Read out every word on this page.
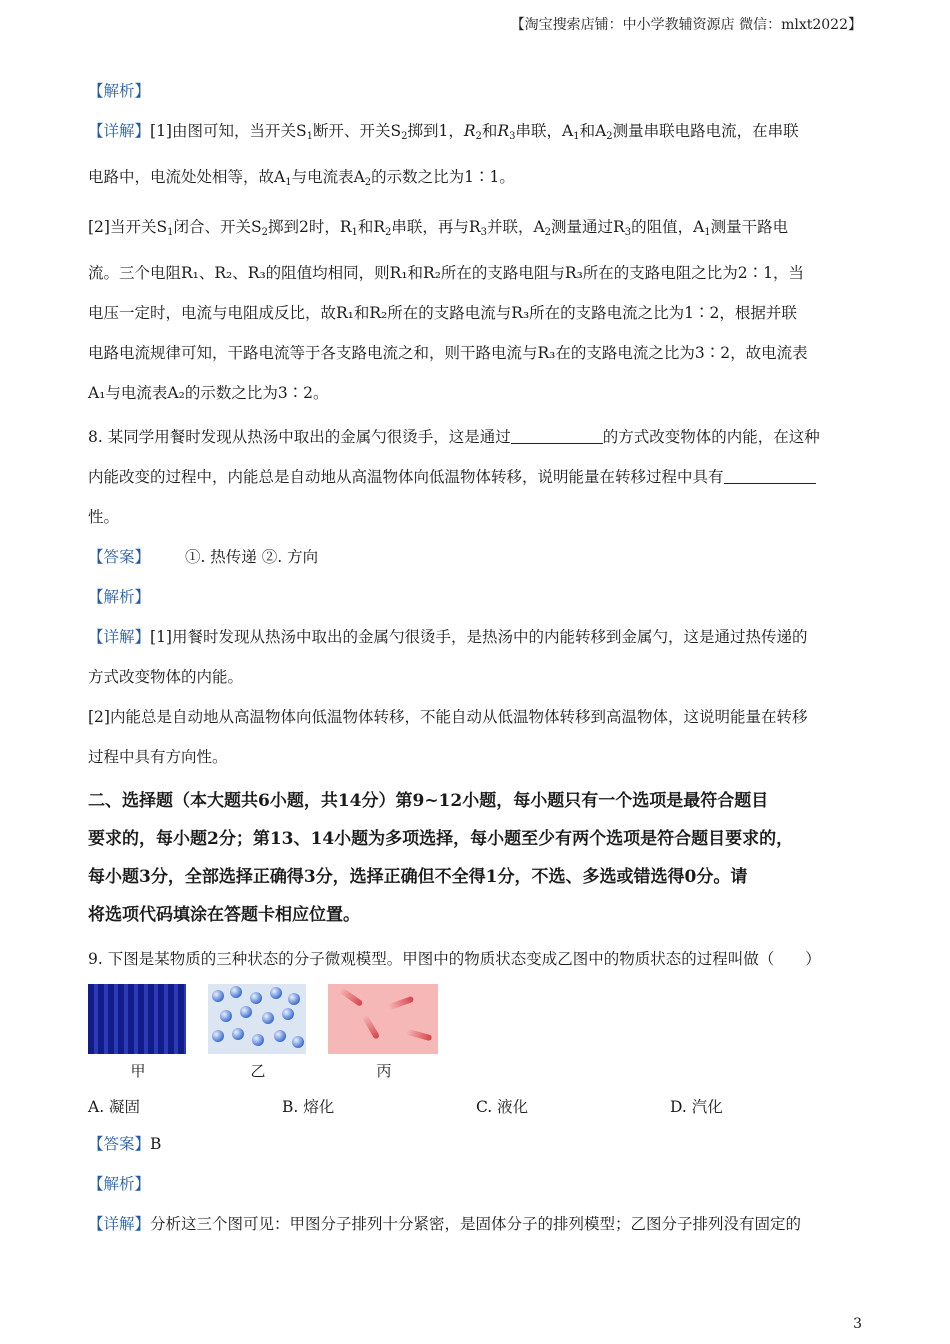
【淘宝搜索店铺：中小学教辅资源店 微信：mlxt2022】

【解析】

【详解】[1]由图可知，当开关$S_1$断开、开关$S_2$掷到1，$R_2$和$R_3$串联，$A_1$和$A_2$测量串联电路电流，在串联

电路中，电流处处相等，故$A_1$与电流表$A_2$的示数之比为1∶1。

[2]当开关$S_1$闭合、开关$S_2$掷到2时，$R_1$和$R_2$串联，再与$R_3$并联，$A_2$测量通过$R_3$的阻值，$A_1$测量干路电

流。三个电阻R₁、R₂、R₃的阻值均相同，则R₁和R₂所在的支路电阻与R₃所在的支路电阻之比为2∶1，当

电压一定时，电流与电阻成反比，故R₁和R₂所在的支路电流与R₃所在的支路电流之比为1∶2，根据并联

电路电流规律可知，干路电流等于各支路电流之和，则干路电流与R₃在的支路电流之比为3∶2，故电流表

A₁与电流表A₂的示数之比为3∶2。

8. 某同学用餐时发现从热汤中取出的金属勺很烫手，这是通过	的方式改变物体的内能，在这种

内能改变的过程中，内能总是自动地从高温物体向低温物体转移，说明能量在转移过程中具有

性。

【答案】 ①. 热传递 ②. 方向

【解析】

【详解】[1]用餐时发现从热汤中取出的金属勺很烫手，是热汤中的内能转移到金属勺，这是通过热传递的

方式改变物体的内能。

[2]内能总是自动地从高温物体向低温物体转移，不能自动从低温物体转移到高温物体，这说明能量在转移

过程中具有方向性。

二、选择题（本大题共6小题，共14分）第9~12小题，每小题只有一个选项是最符合题目

要求的，每小题2分；第13、14小题为多项选择，每小题至少有两个选项是符合题目要求的，

每小题3分，全部选择正确得3分，选择正确但不全得1分，不选、多选或错选得0分。请

将选项代码填涂在答题卡相应位置。

9. 下图是某物质的三种状态的分子微观模型。甲图中的物质状态变成乙图中的物质状态的过程叫做（　　）

甲	乙	丙
A. 凝固	B. 熔化	C. 液化	D. 汽化

【答案】B

【解析】

【详解】分析这三个图可见：甲图分子排列十分紧密，是固体分子的排列模型；乙图分子排列没有固定的

3
